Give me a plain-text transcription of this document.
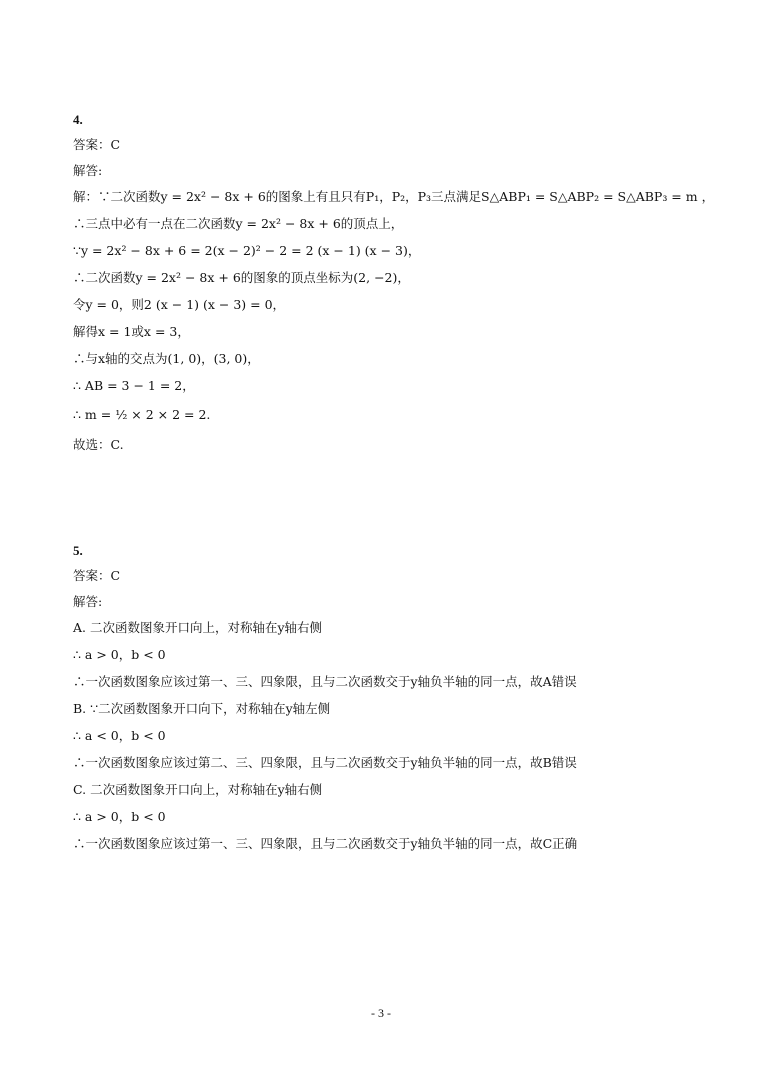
4.
答案：C
解答:
解：∵二次函数y = 2x² − 8x + 6的图象上有且只有P₁，P₂，P₃三点满足S△ABP₁ = S△ABP₂ = S△ABP₃ = m ，
∴三点中必有一点在二次函数y = 2x² − 8x + 6的顶点上，
∵y = 2x² − 8x + 6 = 2(x − 2)² − 2 = 2 (x − 1) (x − 3)，
∴二次函数y = 2x² − 8x + 6的图象的顶点坐标为(2, −2)，
令y = 0，则2 (x − 1) (x − 3) = 0，
解得x = 1或x = 3，
∴与x轴的交点为(1, 0)，(3, 0)，
∴ AB = 3 − 1 = 2，
∴ m = ½ × 2 × 2 = 2.
故选：C.
5.
答案：C
解答:
A. 二次函数图象开口向上，对称轴在y轴右侧
∴ a > 0，b < 0
∴一次函数图象应该过第一、三、四象限，且与二次函数交于y轴负半轴的同一点，故A错误
B. ∵二次函数图象开口向下，对称轴在y轴左侧
∴ a < 0，b < 0
∴一次函数图象应该过第二、三、四象限，且与二次函数交于y轴负半轴的同一点，故B错误
C. 二次函数图象开口向上，对称轴在y轴右侧
∴ a > 0，b < 0
∴一次函数图象应该过第一、三、四象限，且与二次函数交于y轴负半轴的同一点，故C正确
- 3 -
